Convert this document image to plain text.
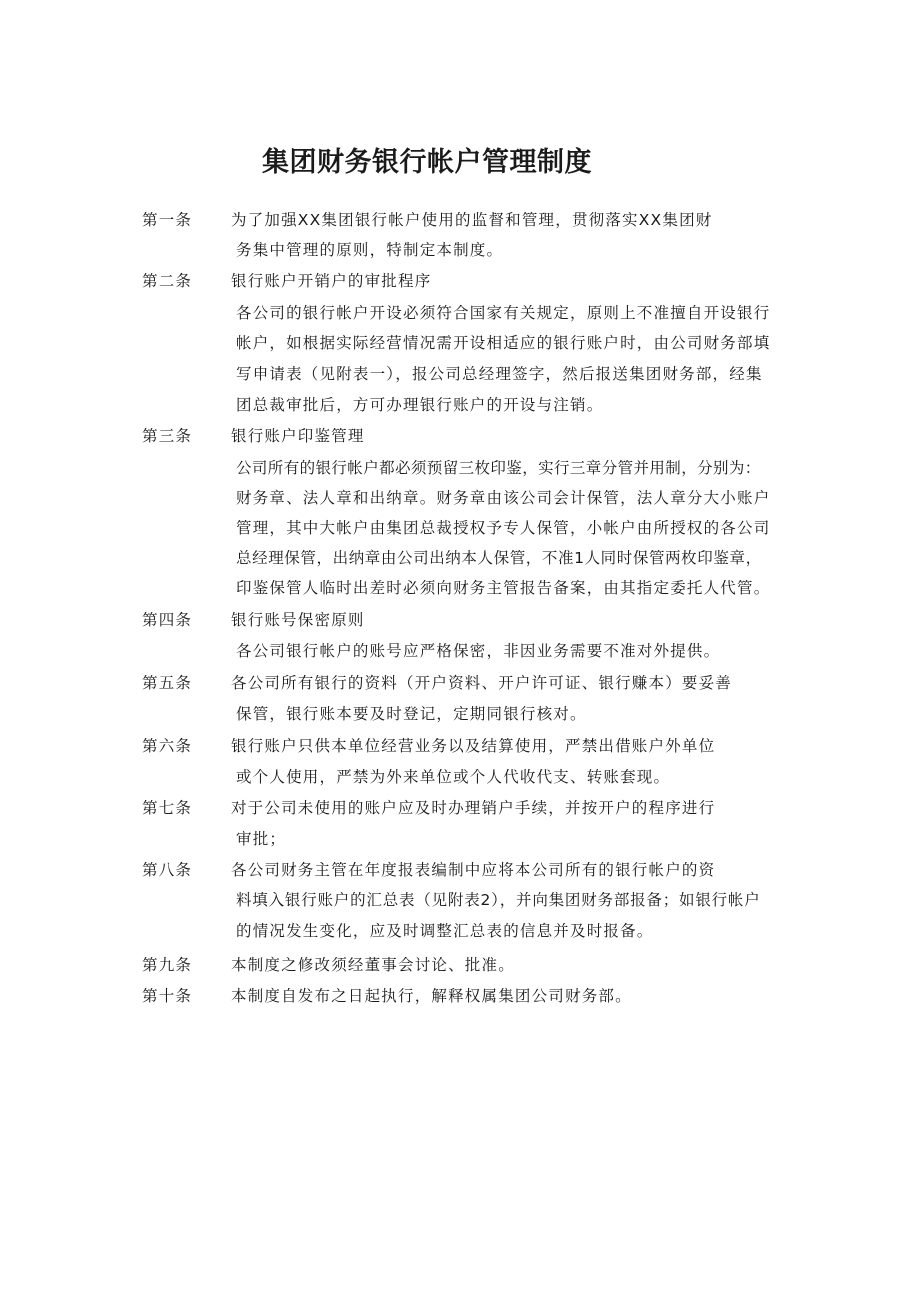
集团财务银行帐户管理制度
第一条	为了加强XX集团银行帐户使用的监督和管理，贯彻落实XX集团财
务集中管理的原则，特制定本制度。
第二条	银行账户开销户的审批程序
各公司的银行帐户开设必须符合国家有关规定，原则上不准擅自开设银行
帐户，如根据实际经营情况需开设相适应的银行账户时，由公司财务部填
写申请表（见附表一），报公司总经理签字，然后报送集团财务部，经集
团总裁审批后，方可办理银行账户的开设与注销。
第三条	银行账户印鉴管理
公司所有的银行帐户都必须预留三枚印鉴，实行三章分管并用制，分别为：
财务章、法人章和出纳章。财务章由该公司会计保管，法人章分大小账户
管理，其中大帐户由集团总裁授权予专人保管，小帐户由所授权的各公司
总经理保管，出纳章由公司出纳本人保管，不准1人同时保管两枚印鉴章，
印鉴保管人临时出差时必须向财务主管报告备案，由其指定委托人代管。
第四条	银行账号保密原则
各公司银行帐户的账号应严格保密，非因业务需要不准对外提供。
第五条	各公司所有银行的资料（开户资料、开户许可证、银行赚本）要妥善
保管，银行账本要及时登记，定期同银行核对。
第六条	银行账户只供本单位经营业务以及结算使用，严禁出借账户外单位
或个人使用，严禁为外来单位或个人代收代支、转账套现。
第七条	对于公司未使用的账户应及时办理销户手续，并按开户的程序进行
审批；
第八条	各公司财务主管在年度报表编制中应将本公司所有的银行帐户的资
料填入银行账户的汇总表（见附表2），并向集团财务部报备；如银行帐户
的情况发生变化，应及时调整汇总表的信息并及时报备。
第九条	本制度之修改须经董事会讨论、批准。
第十条	本制度自发布之日起执行，解释权属集团公司财务部。
